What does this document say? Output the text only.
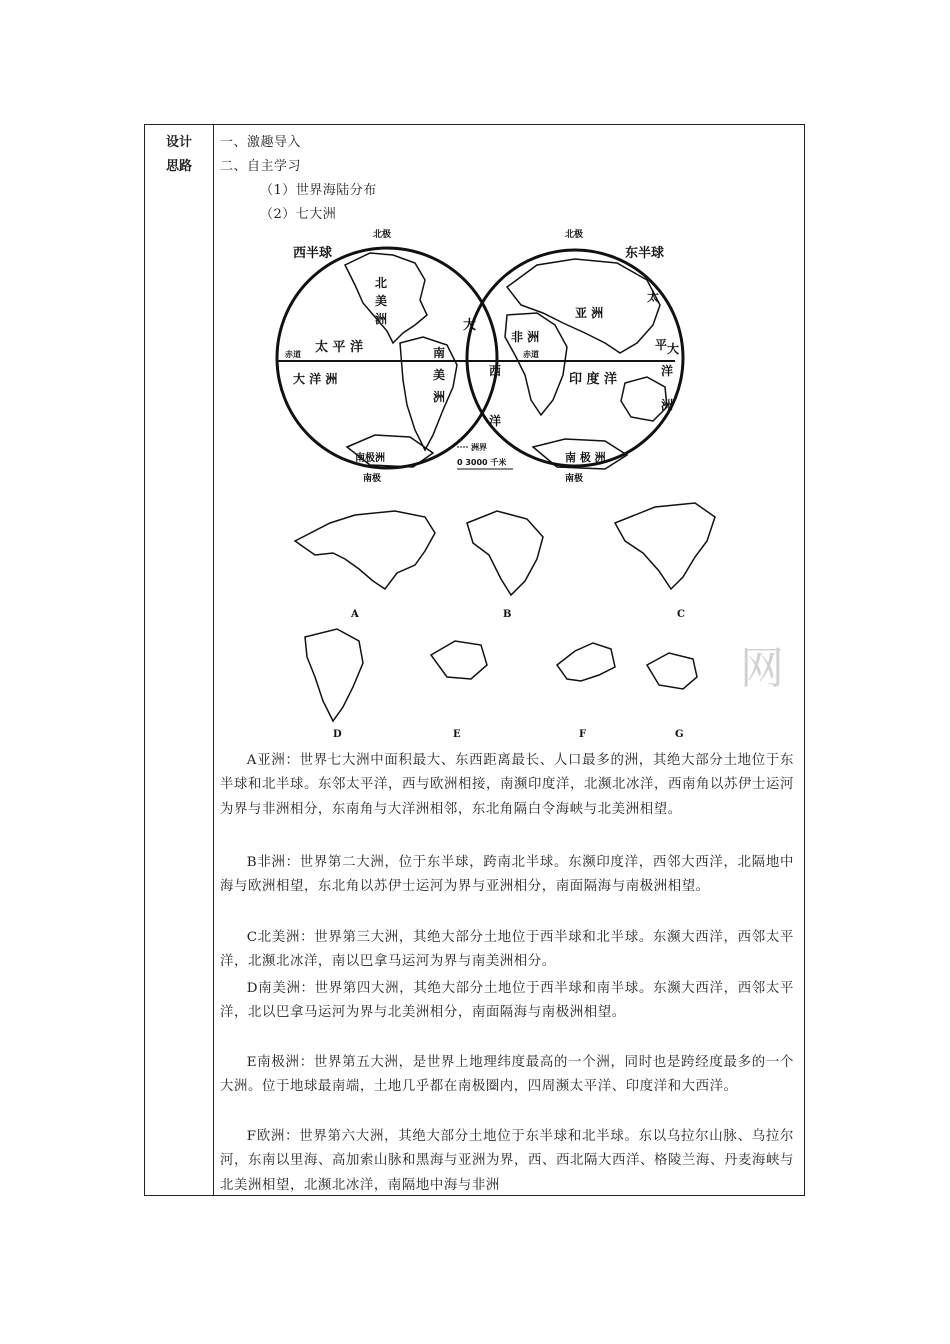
设计
思路
一、激趣导入
二、自主学习
（1）世界海陆分布
（2）七大洲
西半球	东半球
北极	北极
南极	南极
赤道	赤道
北
美
洲
南
美
洲
太 平 洋
大
大 洋 洲
南极洲
亚 洲
非 洲
印 度 洋
西
洋
南 极 洲
太
平 大
洋
洲
洲界
0 3000 千米
A	B	C
D	E	F	G
A亚洲：世界七大洲中面积最大、东西距离最长、人口最多的洲，其绝大部分土地位于东半球和北半球。东邻太平洋，西与欧洲相接，南濒印度洋，北濒北冰洋，西南角以苏伊士运河为界与非洲相分，东南角与大洋洲相邻，东北角隔白令海峡与北美洲相望。
B非洲：世界第二大洲，位于东半球，跨南北半球。东濒印度洋，西邻大西洋，北隔地中海与欧洲相望，东北角以苏伊士运河为界与亚洲相分，南面隔海与南极洲相望。
C北美洲：世界第三大洲，其绝大部分土地位于西半球和北半球。东濒大西洋，西邻太平洋，北濒北冰洋，南以巴拿马运河为界与南美洲相分。
D南美洲：世界第四大洲，其绝大部分土地位于西半球和南半球。东濒大西洋，西邻太平洋，北以巴拿马运河为界与北美洲相分，南面隔海与南极洲相望。
E南极洲：世界第五大洲，是世界上地理纬度最高的一个洲，同时也是跨经度最多的一个大洲。位于地球最南端，土地几乎都在南极圈内，四周濒太平洋、印度洋和大西洋。
F欧洲：世界第六大洲，其绝大部分土地位于东半球和北半球。东以乌拉尔山脉、乌拉尔河，东南以里海、高加索山脉和黑海与亚洲为界，西、西北隔大西洋、格陵兰海、丹麦海峡与北美洲相望，北濒北冰洋，南隔地中海与非洲
网
